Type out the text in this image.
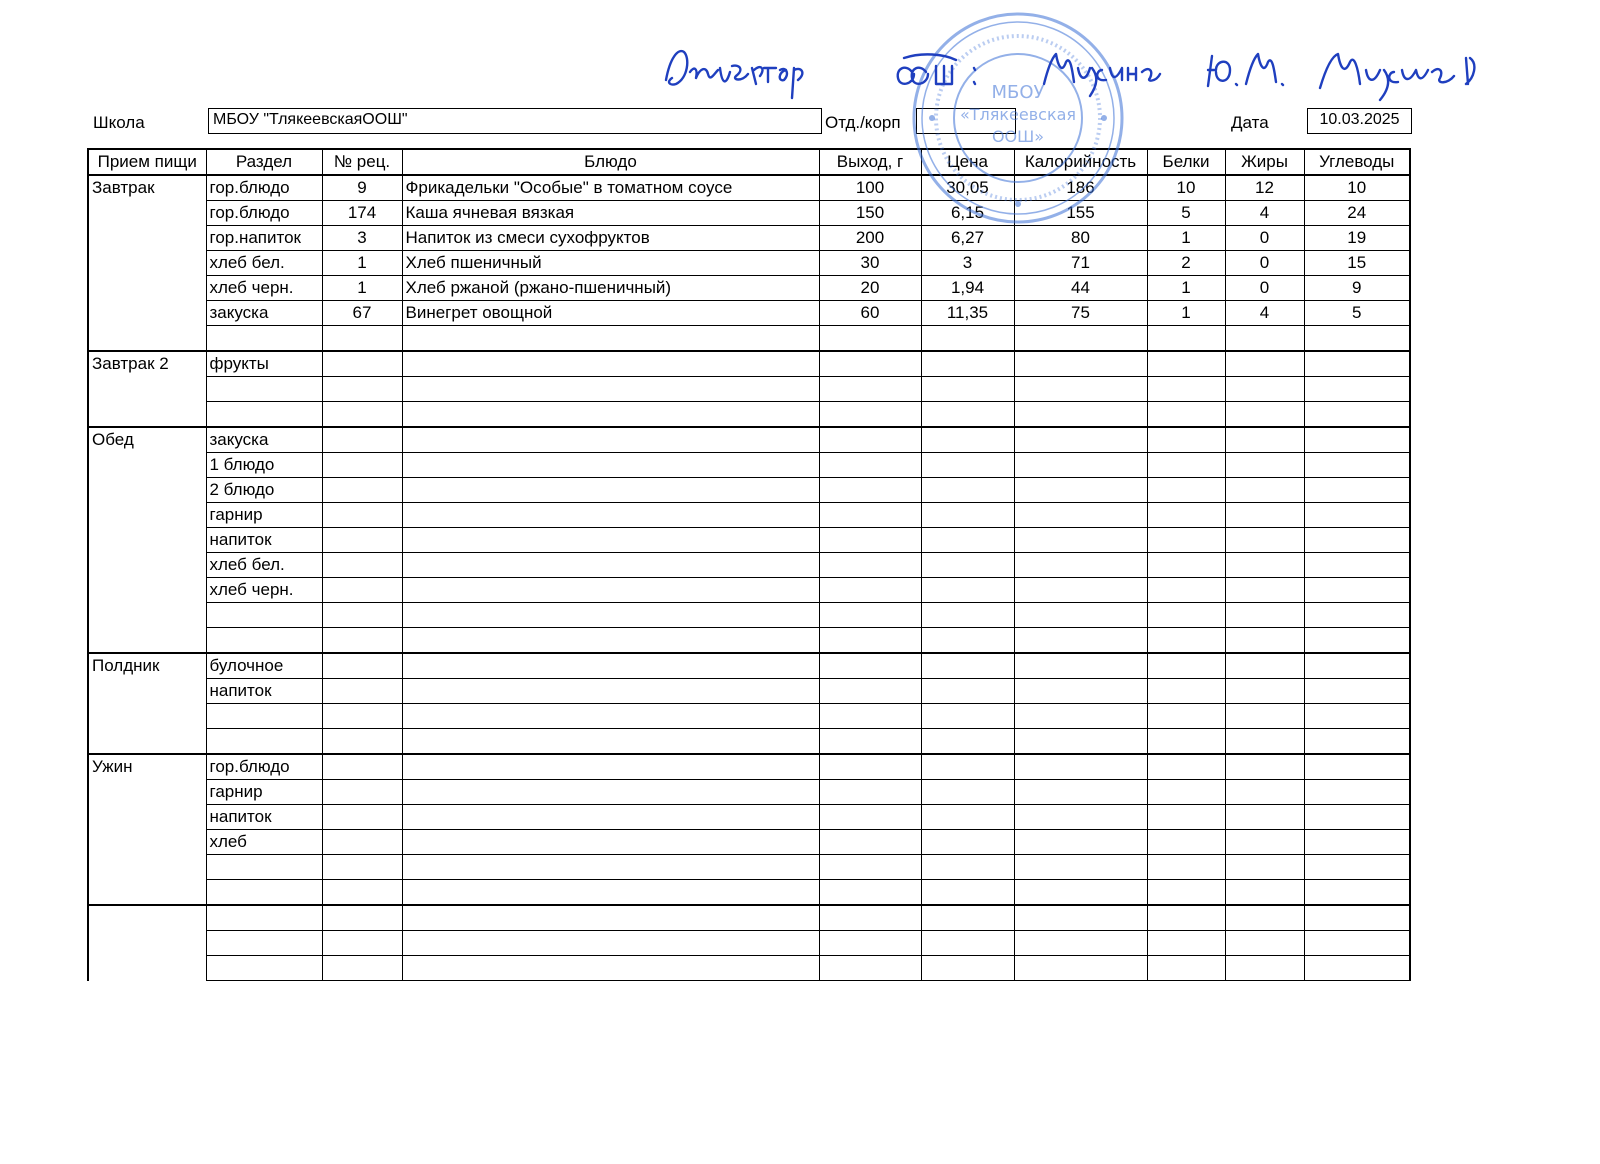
Школа	МБОУ "ТлякеевскаяООШ"	Отд./корп	Дата	10.03.2025
Прием пищи	Раздел	№ рец.	Блюдо	Выход, г	Цена	Калорийность	Белки	Жиры	Углеводы
Завтрак	гор.блюдо	9	Фрикадельки "Особые" в томатном соусе	100	30,05	186	10	12	10
	гор.блюдо	174	Каша ячневая вязкая	150	6,15	155	5	4	24
	гор.напиток	3	Напиток из смеси сухофруктов	200	6,27	80	1	0	19
	хлеб бел.	1	Хлеб пшеничный	30	3	71	2	0	15
	хлеб черн.	1	Хлеб ржаной (ржано-пшеничный)	20	1,94	44	1	0	9
	закуска	67	Винегрет овощной	60	11,35	75	1	4	5

Завтрак 2	фрукты								

Обед	закуска								
	1 блюдо								
	2 блюдо								
	гарнир								
	напиток								
	хлеб бел.								
	хлеб черн.								

Полдник	булочное								
	напиток								

Ужин	гор.блюдо								
	гарнир								
	напиток								
	хлеб								

МБОУ
«Тлякеевская
ООШ»
